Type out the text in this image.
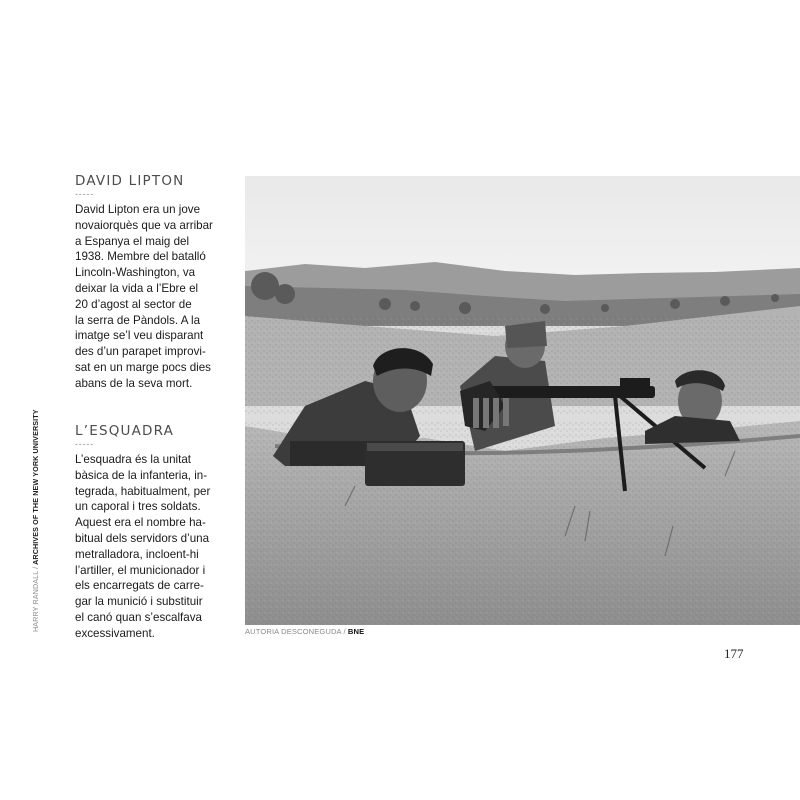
HARRY RANDALL / ARCHIVES OF THE NEW YORK UNIVERSITY
DAVID LIPTON
-----

David Lipton era un jove
novaiorquès que va arribar
a Espanya el maig del
1938. Membre del batalló
Lincoln-Washington, va
deixar la vida a l’Ebre el
20 d’agost al sector de
la serra de Pàndols. A la
imatge se’l veu disparant
des d’un parapet improvi-
sat en un marge pocs dies
abans de la seva mort.

L’ESQUADRA
-----

L’esquadra és la unitat
bàsica de la infanteria, in-
tegrada, habitualment, per
un caporal i tres soldats.
Aquest era el nombre ha-
bitual dels servidors d’una
metralladora, incloent-hi
l’artiller, el municionador i
els encarregats de carre-
gar la munició i substituir
el canó quan s’escalfava
excessivament.	AUTORIA DESCONEGUDA / BNE
177
